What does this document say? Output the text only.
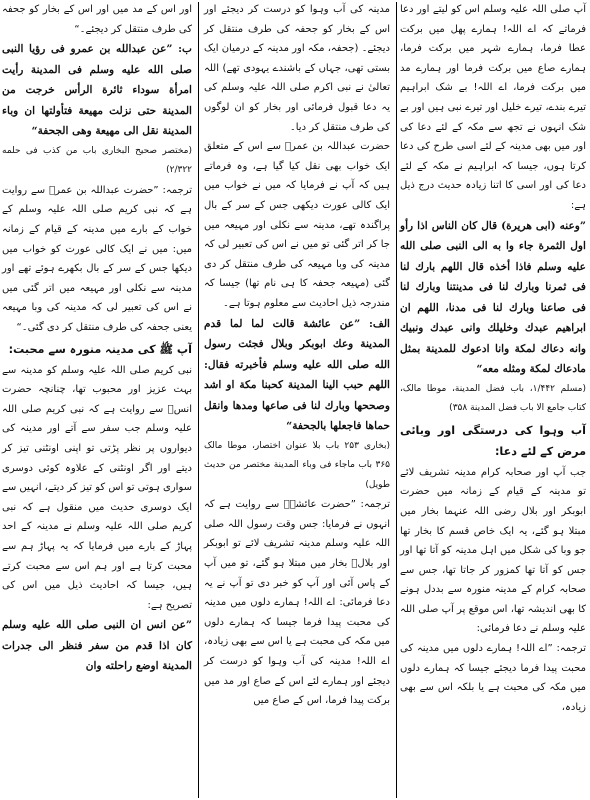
آپ صلی اللہ علیہ وسلم اس کو لیتے اور دعا فرماتے کہ اے اللہ! ہمارے پھل میں برکت عطا فرما، ہمارے شہر میں برکت فرما، ہمارے صاع میں برکت فرما اور ہمارے مد میں برکت فرما، اے اللہ! بے شک ابراہیم تیرے بندے، تیرے خلیل اور تیرے نبی ہیں اور بے شک انہوں نے تجھ سے مکہ کے لئے دعا کی اور میں بھی مدینہ کے لئے اسی طرح کی دعا کرتا ہوں، جیسا کہ ابراہیم نے مکہ کے لئے دعا کی اور اسی کا اتنا زیادہ حدیث درج ذیل ہے:

”وعنه (ابی هریرة) قال کان الناس اذا رأو اول الثمرة جاء وا به الی النبی صلی الله علیه وسلم فاذا أخذه قال اللهم بارك لنا فی ثمرنا وبارك لنا فی مدینتنا وبارك لنا فی صاعنا وبارك لنا فی مدنا، اللهم ان ابراهیم عبدك وخلیلك وانی عبدك ونبیك وانه دعاك لمكة وانا ادعوك للمدینة بمثل مادعاك لمكة ومثله معه“

(مسلم ۱/۴۴۲، باب فضل المدینة، موطا مالک، کتاب جامع الا باب فضل المدینة ۳۵۸)

آب وہوا کی درستگی اور وبائی مرض کے لئے دعا:

جب آپ اور صحابہ کرام مدینہ تشریف لائے تو مدینہ کے قیام کے زمانہ میں حضرت ابوبکر اور بلال رضی اللہ عنہما بخار میں مبتلا ہو گئے، یہ ایک خاص قسم کا بخار تھا جو وبا کی شکل میں اہل مدینہ کو آتا تھا اور جس کو آتا تھا کمزور کر جاتا تھا، جس سے صحابہ کرام کے مدینہ منورہ سے بددل ہونے کا بھی اندیشہ تھا، اس موقع پر آپ صلی اللہ علیہ وسلم نے دعا فرمائی:

ترجمہ: ”اے اللہ! ہمارے دلوں میں مدینہ کی محبت پیدا فرما دیجئے جیسا کہ ہمارے دلوں میں مکہ کی محبت ہے یا بلکہ اس سے بھی زیادہ،

مدینہ کی آب وہوا کو درست کر دیجئے اور اس کے بخار کو جحفہ کی طرف منتقل کر دیجئے۔ (جحفہ، مکہ اور مدینہ کے درمیان ایک بستی تھی، جہاں کے باشندے یہودی تھے) اللہ تعالیٰ نے نبی اکرم صلی اللہ علیہ وسلم کی یہ دعا قبول فرمائی اور بخار کو ان لوگوں کی طرف منتقل کر دیا۔

حضرت عبداللہ بن عمرؓ سے اس کے متعلق ایک خواب بھی نقل کیا گیا ہے، وہ فرماتے ہیں کہ آپ نے فرمایا کہ میں نے خواب میں ایک کالی عورت دیکھی جس کے سر کے بال پراگندہ تھے، مدینہ سے نکلی اور مہیعہ میں جا کر اتر گئی تو میں نے اس کی تعبیر لی کہ مدینہ کی وبا مہیعہ کی طرف منتقل کر دی گئی (مہیعہ جحفہ کا ہی نام تھا) جیسا کہ مندرجہ ذیل احادیث سے معلوم ہوتا ہے۔

الف: ”عن عائشة قالت لما لما قدم المدینة وعك ابوبكر وبلال فجئت رسول الله صلی الله علیه وسلم فأخبرته فقال: اللهم حبب الینا المدینة كحبنا مكة او اشد وصححها وبارك لنا فی صاعها ومدها وانقل حماها فاجعلها بالجحفة“

(بخاری ۲۵۳ باب بلا عنوان اختصار، موطا مالک ۳۶۵ باب ماجاء فی وباء المدینة مختصر من حدیث طویل)

ترجمہ: ”حضرت عائشہؓ سے روایت ہے کہ انہوں نے فرمایا: جس وقت رسول اللہ صلی اللہ علیہ وسلم مدینہ تشریف لائے تو ابوبکر اور بلالؓ بخار میں مبتلا ہو گئے، تو میں آپ کے پاس آئی اور آپ کو خبر دی تو آپ نے یہ دعا فرمائی: اے اللہ! ہمارے دلوں میں مدینہ کی محبت پیدا فرما جیسا کہ ہمارے دلوں میں مکہ کی محبت ہے یا اس سے بھی زیادہ، اے اللہ! مدینہ کی آب وہوا کو درست کر دیجئے اور ہمارے لئے اس کے صاع اور مد میں برکت پیدا فرما، اس کے صاع میں

اور اس کے مد میں اور اس کے بخار کو جحفہ کی طرف منتقل کر دیجئے۔“

ب: ”عن عبدالله بن عمرو فی رؤیا النبی صلی الله علیه وسلم فی المدینة رأیت امرأة سوداء ثائرة الرأس خرجت من المدینة حتی نزلت مهیعة فتأولتها ان وباء المدینة نقل الی مهیعة وهی الجحفة“

(مختصر صحیح البخاری باب من کذب فی حلمه ۲/۳۲۲)

ترجمہ: ”حضرت عبداللہ بن عمرؓ سے روایت ہے کہ نبی کریم صلی اللہ علیہ وسلم کے خواب کے بارے میں مدینہ کے قیام کے زمانہ میں: میں نے ایک کالی عورت کو خواب میں دیکھا جس کے سر کے بال بکھرے ہوئے تھے اور مدینہ سے نکلی اور مہیعہ میں اتر گئی میں نے اس کی تعبیر لی کہ مدینہ کی وبا مہیعہ یعنی جحفہ کی طرف منتقل کر دی گئی۔“

آپ ﷺ کی مدینہ منورہ سے محبت:

نبی کریم صلی اللہ علیہ وسلم کو مدینہ سے بہت عزیز اور محبوب تھا، چنانچہ حضرت انسؓ سے روایت ہے کہ نبی کریم صلی اللہ علیہ وسلم جب سفر سے آتے اور مدینہ کی دیواروں پر نظر پڑتی تو اپنی اونٹنی تیز کر دیتے اور اگر اونٹنی کے علاوہ کوئی دوسری سواری ہوتی تو اس کو تیز کر دیتے، انہیں سے ایک دوسری حدیث میں منقول ہے کہ نبی کریم صلی اللہ علیہ وسلم نے مدینہ کے احد پہاڑ کے بارے میں فرمایا کہ یہ پہاڑ ہم سے محبت کرتا ہے اور ہم اس سے محبت کرتے ہیں، جیسا کہ احادیث ذیل میں اس کی تصریح ہے:

”عن انس ان النبی صلی الله علیه وسلم كان اذا قدم من سفر فنظر الی جدرات المدینة اوضع راحلته وان
